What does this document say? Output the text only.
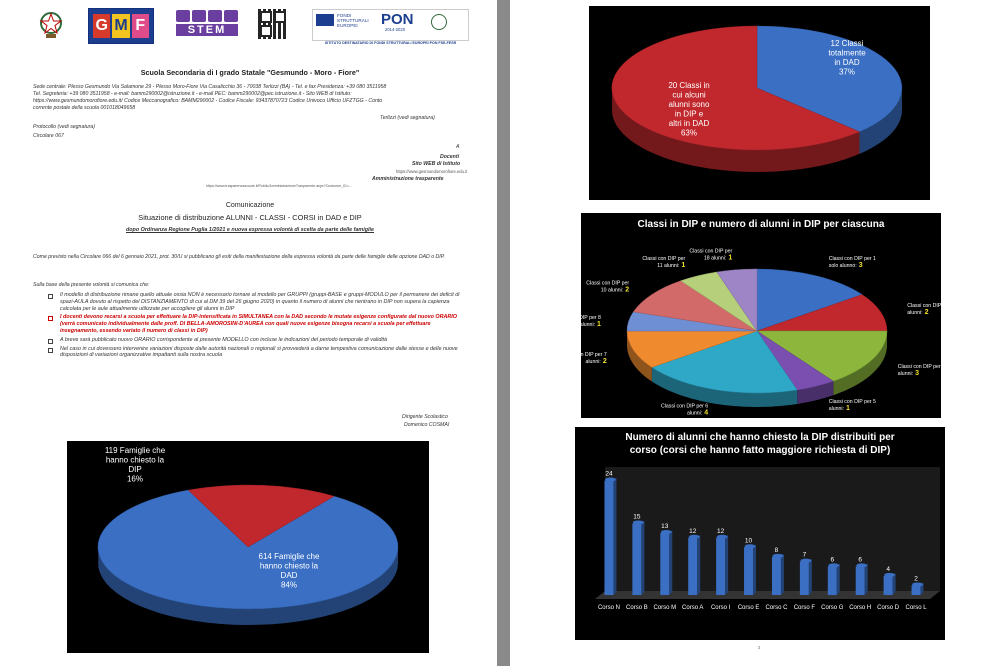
G M F	STEM
FONDI STRUTTURALI EUROPEI	PON
2014-2020
ISTITUTO DESTINATARIO DI FONDI STRUTTURALI EUROPEI PON FSE-FESR
Scuola Secondaria di I grado Statale "Gesmundo - Moro - Fiore"
Sede centrale: Plesso Gesmundo Via Salamone 29 - Plesso Moro-Fiore Via Casalicchio 36 - 70038 Terlizzi (BA) - Tel. e fax Presidenza: +39 080 3511958
Tel. Segreteria: +39 080 3511958 - e-mail: bamm290002@istruzione.it - e-mail PEC: bamm290002@pec.istruzione.it - Sito WEB di Istituto:
https://www.gesmundomorofiore.edu.it/ Codice Meccanografico: BAMM290002 - Codice Fiscale: 93437870723 Codice Univoco Ufficio UFZTGG - Conto
corrente postale della scuola 001018049658
Terlizzi (vedi segnatura)
Protocollo (vedi segnatura)
Circolare 067
A
Docenti
Sito WEB di Istituto
https://www.gesmundomorofiore.edu.it
Amministrazione trasparente
https://www.trasparenzascuole.it/Public/AmministrazioneTrasparente.aspx?Customer_ID=...
Comunicazione
Situazione di distribuzione ALUNNI - CLASSI - CORSI in DAD e DIP
dopo Ordinanza Regione Puglia 1/2021 e nuova espressa volontà di scelta da parte delle famiglie
Come previsto nella Circolare 066 del 6 gennaio 2021, prot. 30/U si pubblicano gli esiti della manifestazione della espressa volontà da parte delle famiglie delle opzione DAD o DIP.
Sulla base della presente volontà si comunica che:
Il modello di distribuzione rimane quello attuale ossia NON è necessario tornare al modello per GRUPPI (gruppi-BASE e gruppi-MODULO per il permanere dei deficit di spazi-AULA dovuto al rispetto del DISTANZIAMENTO di cui al DM 39 del 26 giugno 2020) in quanto il numero di alunni che rientrano in DIP non supera la capienza calcolata per le aule attualmente utilizzate per accogliere gli alunni in DIP
I docenti devono recarsi a scuola per effettuare la DIP-intensificata in SIMULTANEA con la DAD secondo le mutate esigenze configurate dal nuovo ORARIO (verrà comunicato individualmente dalle proff. DI BELLA-AMOROSINI-D'AUREA con quali nuove esigenze bisogna recarsi a scuola per effettuare insegnamento, essendo variato il numero di classi in DIP)
A breve sarà pubblicato nuovo ORARIO corrispondente al presente MODELLO con incluse le indicazioni del periodo temporale di validità
Nel caso in cui dovessero intervenire variazioni disposte dalle autorità nazionali o regionali si provvederà a darne tempestiva comunicazione dalle stesse e delle nuove disposizioni di variazioni organizzative impattanti sulla nostra scuola
Dirigente Scolastico
Domenico COSMAI
614 Famiglie che hanno chiesto la DAD 84%
119 Famiglie che hanno chiesto la DIP 16%
12 Classi totalmente in DAD 37%
20 Classi in cui alcuni alunni sono in DIP e altri in DAD 63%
Classi in DIP e numero di alunni in DIP per ciascuna
Classi con DIP per 1 solo alunno: 3
Classi con DIP per 2 alunni: 2
Classi con DIP per 4 alunni: 3
Classi con DIP per 5 alunni: 1
Classi con DIP per 6 alunni: 4
Classi con DIP per 7 alunni: 2
Classi con DIP per 8 alunni: 1
Classi con DIP per 10 alunni: 2
Classi con DIP per 11 alunni: 1
Classi con DIP per 18 alunni: 1
Numero di alunni che hanno chiesto la DIP distribuiti per corso (corsi che hanno fatto maggiore richiesta di DIP)
24
Corso N
15
Corso B
13
Corso M
12
Corso A
12
Corso I
10
Corso E
8
Corso C
7
Corso F
6
Corso G
6
Corso H
4
Corso D
2
Corso L
2
